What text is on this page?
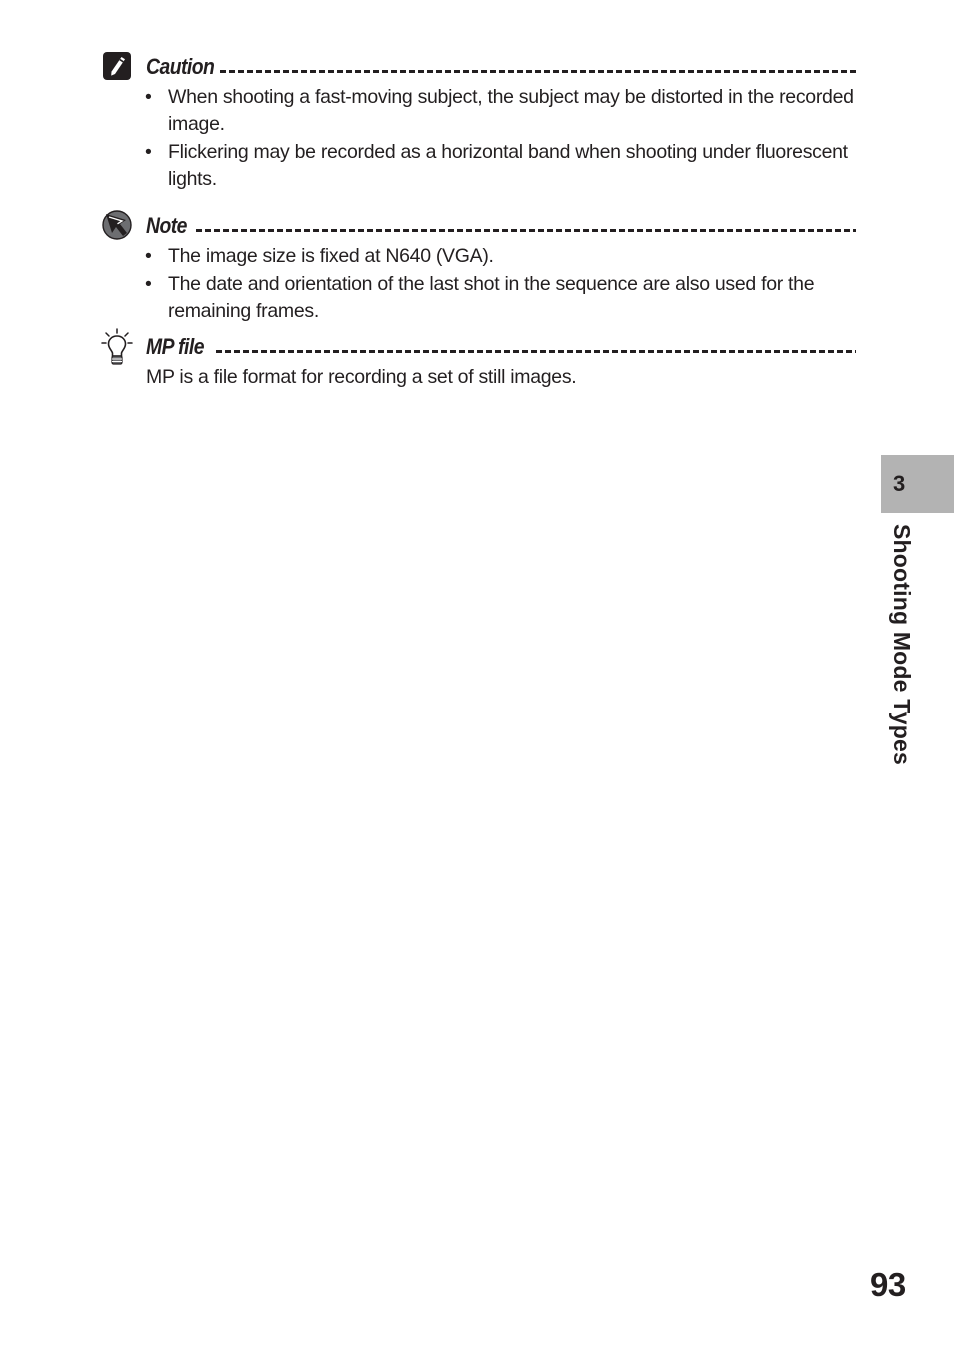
Caution
• When shooting a fast-moving subject, the subject may be distorted in the recorded image.
• Flickering may be recorded as a horizontal band when shooting under fluorescent lights.
Note
• The image size is fixed at N640 (VGA).
• The date and orientation of the last shot in the sequence are also used for the remaining frames.
MP file
MP is a file format for recording a set of still images.
3
Shooting Mode Types
93
